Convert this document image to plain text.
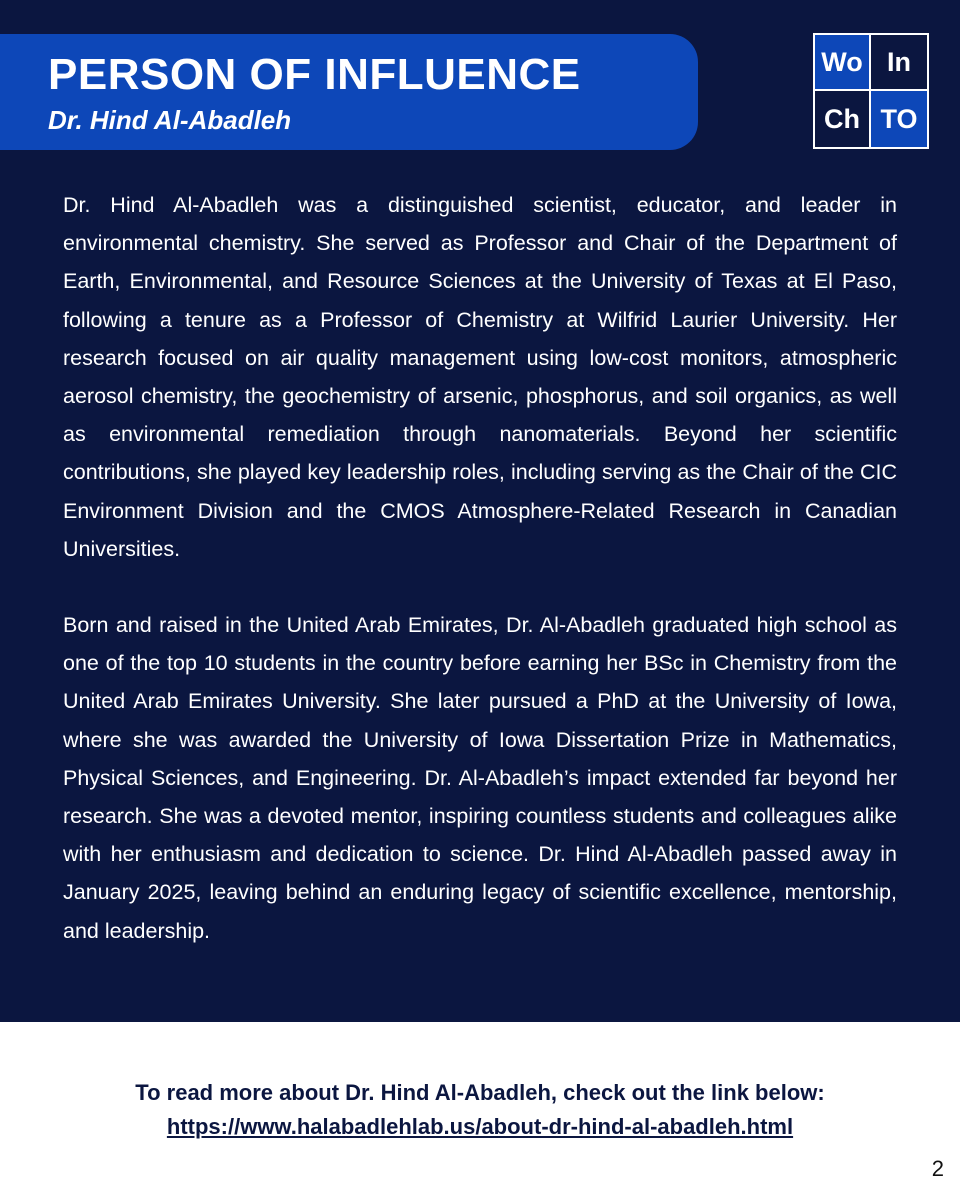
PERSON OF INFLUENCE
Dr. Hind Al-Abadleh
Wo In
Ch TO

Dr. Hind Al-Abadleh was a distinguished scientist, educator, and leader in environmental chemistry. She served as Professor and Chair of the Department of Earth, Environmental, and Resource Sciences at the University of Texas at El Paso, following a tenure as a Professor of Chemistry at Wilfrid Laurier University. Her research focused on air quality management using low-cost monitors, atmospheric aerosol chemistry, the geochemistry of arsenic, phosphorus, and soil organics, as well as environmental remediation through nanomaterials. Beyond her scientific contributions, she played key leadership roles, including serving as the Chair of the CIC Environment Division and the CMOS Atmosphere-Related Research in Canadian Universities.

Born and raised in the United Arab Emirates, Dr. Al-Abadleh graduated high school as one of the top 10 students in the country before earning her BSc in Chemistry from the United Arab Emirates University. She later pursued a PhD at the University of Iowa, where she was awarded the University of Iowa Dissertation Prize in Mathematics, Physical Sciences, and Engineering. Dr. Al-Abadleh’s impact extended far beyond her research. She was a devoted mentor, inspiring countless students and colleagues alike with her enthusiasm and dedication to science. Dr. Hind Al-Abadleh passed away in January 2025, leaving behind an enduring legacy of scientific excellence, mentorship, and leadership.

To read more about Dr. Hind Al-Abadleh, check out the link below:

https://www.halabadlehlab.us/about-dr-hind-al-abadleh.html

2
